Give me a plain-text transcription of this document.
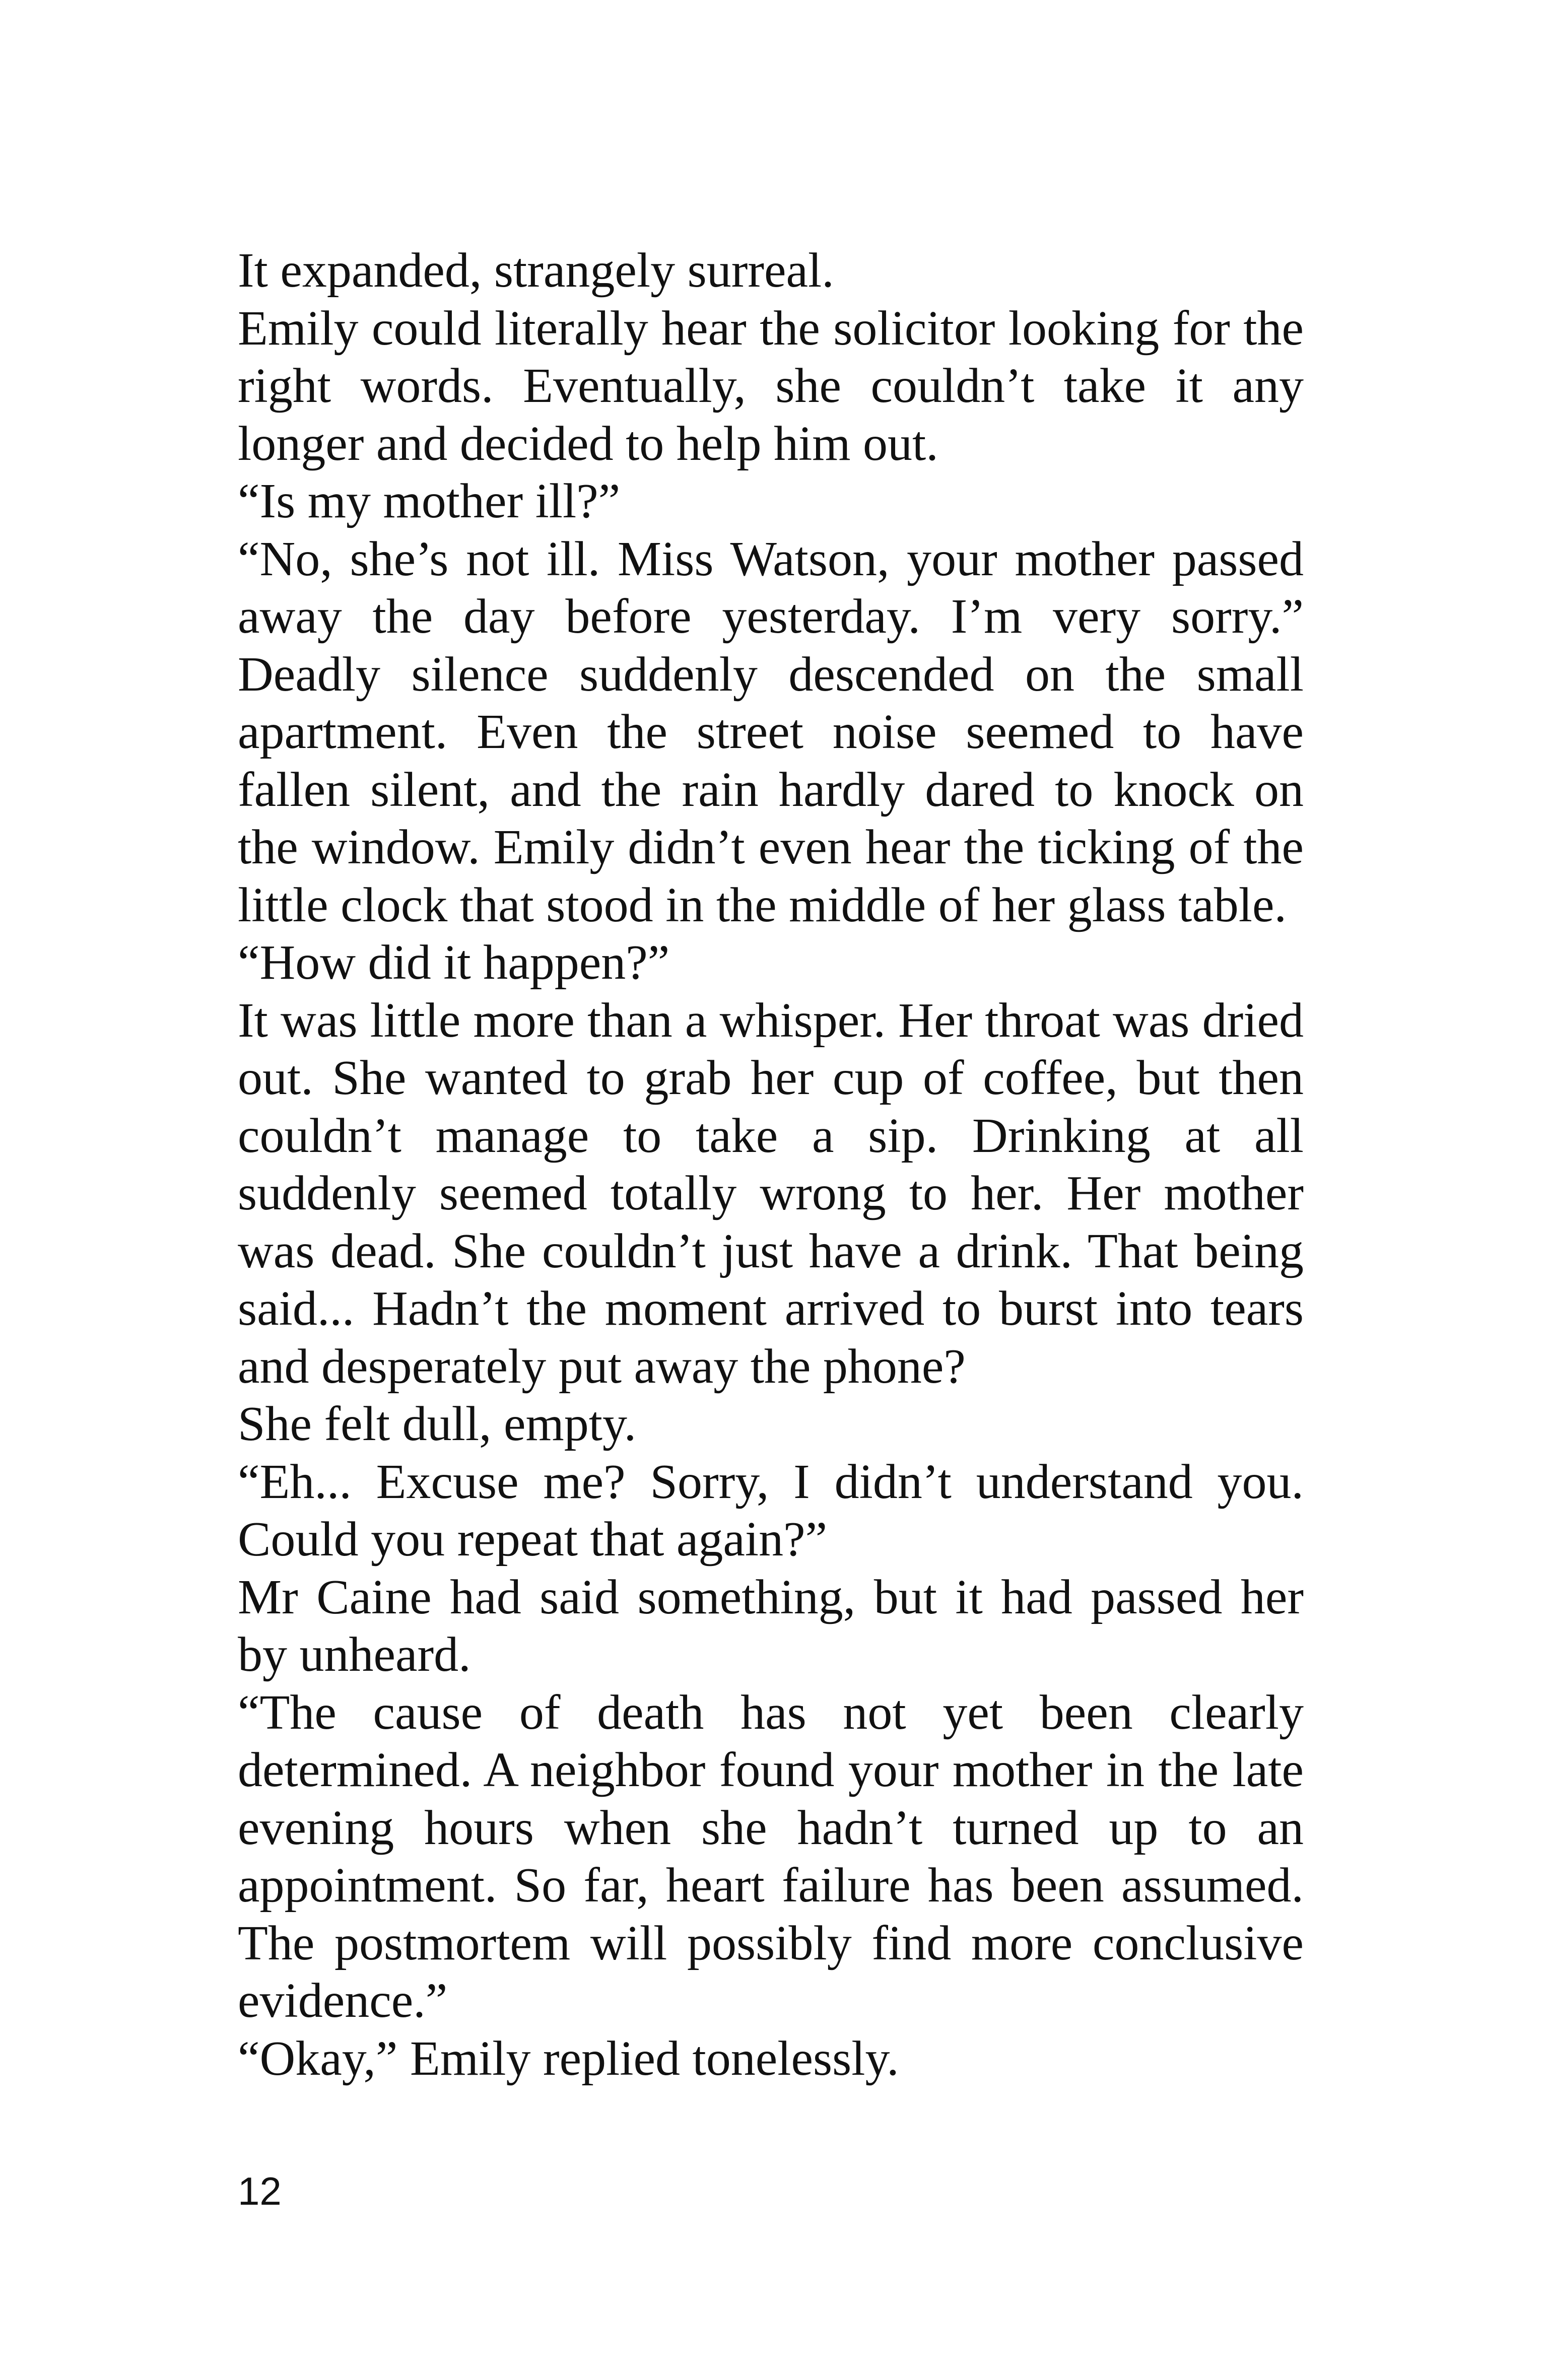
It expanded, strangely surreal.

Emily could literally hear the solicitor looking for the right words. Eventually, she couldn’t take it any longer and decided to help him out.

“Is my mother ill?”

“No, she’s not ill. Miss Watson, your mother passed away the day before yesterday. I’m very sorry.” Deadly silence suddenly descended on the small apartment. Even the street noise seemed to have fallen silent, and the rain hardly dared to knock on the window. Emily didn’t even hear the ticking of the little clock that stood in the middle of her glass table.

“How did it happen?”

It was little more than a whisper. Her throat was dried out. She wanted to grab her cup of coffee, but then couldn’t manage to take a sip. Drinking at all suddenly seemed totally wrong to her. Her mother was dead. She couldn’t just have a drink. That being said... Hadn’t the moment arrived to burst into tears and desperately put away the phone?

She felt dull, empty.

“Eh... Excuse me? Sorry, I didn’t understand you. Could you repeat that again?”

Mr Caine had said something, but it had passed her by unheard.

“The cause of death has not yet been clearly determined. A neighbor found your mother in the late evening hours when she hadn’t turned up to an appointment. So far, heart failure has been assumed. The postmortem will possibly find more conclusive evidence.”

“Okay,” Emily replied tonelessly.

12
